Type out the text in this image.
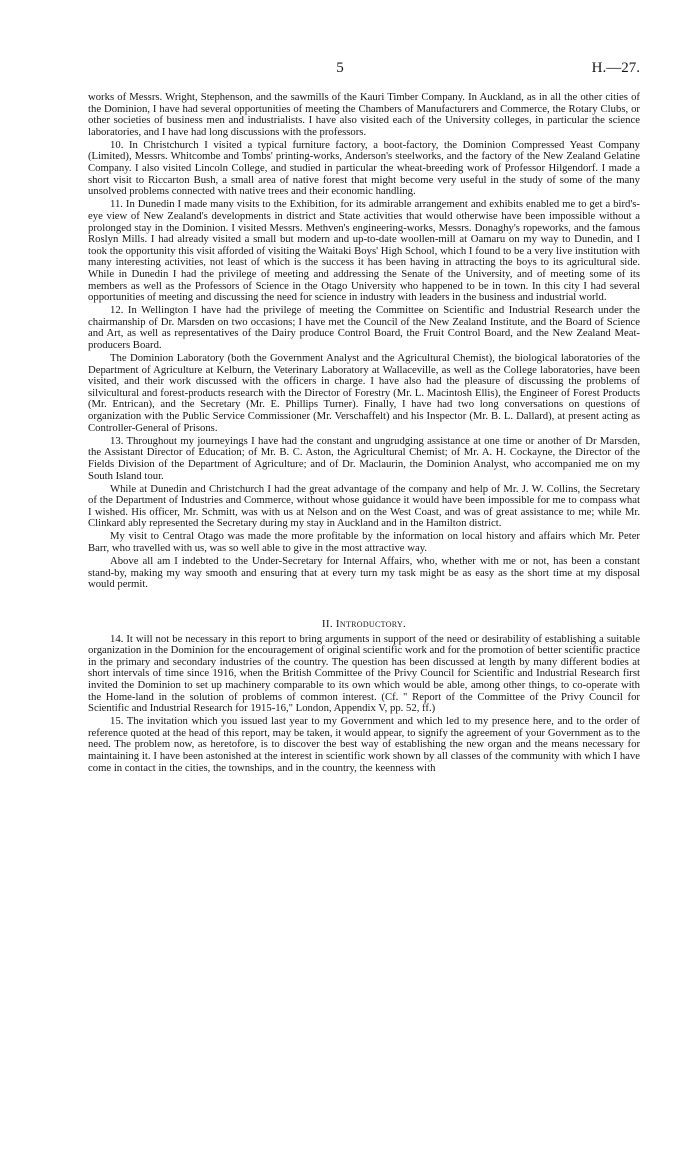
5	H.—27.

works of Messrs. Wright, Stephenson, and the sawmills of the Kauri Timber Company. In Auckland, as in all the other cities of the Dominion, I have had several opportunities of meeting the Chambers of Manufacturers and Commerce, the Rotary Clubs, or other societies of business men and industrialists. I have also visited each of the University colleges, in particular the science laboratories, and I have had long discussions with the professors.

10. In Christchurch I visited a typical furniture factory, a boot-factory, the Dominion Compressed Yeast Company (Limited), Messrs. Whitcombe and Tombs' printing-works, Anderson's steelworks, and the factory of the New Zealand Gelatine Company. I also visited Lincoln College, and studied in particular the wheat-breeding work of Professor Hilgendorf. I made a short visit to Riccarton Bush, a small area of native forest that might become very useful in the study of some of the many unsolved problems connected with native trees and their economic handling.

11. In Dunedin I made many visits to the Exhibition, for its admirable arrangement and exhibits enabled me to get a bird's-eye view of New Zealand's developments in district and State activities that would otherwise have been impossible without a prolonged stay in the Dominion. I visited Messrs. Methven's engineering-works, Messrs. Donaghy's ropeworks, and the famous Roslyn Mills. I had already visited a small but modern and up-to-date woollen-mill at Oamaru on my way to Dunedin, and I took the opportunity this visit afforded of visiting the Waitaki Boys' High School, which I found to be a very live institution with many interesting activities, not least of which is the success it has been having in attracting the boys to its agricultural side. While in Dunedin I had the privilege of meeting and addressing the Senate of the University, and of meeting some of its members as well as the Professors of Science in the Otago University who happened to be in town. In this city I had several opportunities of meeting and discussing the need for science in industry with leaders in the business and industrial world.

12. In Wellington I have had the privilege of meeting the Committee on Scientific and Industrial Research under the chairmanship of Dr. Marsden on two occasions; I have met the Council of the New Zealand Institute, and the Board of Science and Art, as well as representatives of the Dairy produce Control Board, the Fruit Control Board, and the New Zealand Meat-producers Board.

The Dominion Laboratory (both the Government Analyst and the Agricultural Chemist), the biological laboratories of the Department of Agriculture at Kelburn, the Veterinary Laboratory at Wallaceville, as well as the College laboratories, have been visited, and their work discussed with the officers in charge. I have also had the pleasure of discussing the problems of silvicultural and forest-products research with the Director of Forestry (Mr. L. Macintosh Ellis), the Engineer of Forest Products (Mr. Entrican), and the Secretary (Mr. E. Phillips Turner). Finally, I have had two long conversations on questions of organization with the Public Service Commissioner (Mr. Verschaffelt) and his Inspector (Mr. B. L. Dallard), at present acting as Controller-General of Prisons.

13. Throughout my journeyings I have had the constant and ungrudging assistance at one time or another of Dr Marsden, the Assistant Director of Education; of Mr. B. C. Aston, the Agricultural Chemist; of Mr. A. H. Cockayne, the Director of the Fields Division of the Department of Agriculture; and of Dr. Maclaurin, the Dominion Analyst, who accompanied me on my South Island tour.

While at Dunedin and Christchurch I had the great advantage of the company and help of Mr. J. W. Collins, the Secretary of the Department of Industries and Commerce, without whose guidance it would have been impossible for me to compass what I wished. His officer, Mr. Schmitt, was with us at Nelson and on the West Coast, and was of great assistance to me; while Mr. Clinkard ably represented the Secretary during my stay in Auckland and in the Hamilton district.

My visit to Central Otago was made the more profitable by the information on local history and affairs which Mr. Peter Barr, who travelled with us, was so well able to give in the most attractive way.

Above all am I indebted to the Under-Secretary for Internal Affairs, who, whether with me or not, has been a constant stand-by, making my way smooth and ensuring that at every turn my task might be as easy as the short time at my disposal would permit.

II. Introductory.

14. It will not be necessary in this report to bring arguments in support of the need or desirability of establishing a suitable organization in the Dominion for the encouragement of original scientific work and for the promotion of better scientific practice in the primary and secondary industries of the country. The question has been discussed at length by many different bodies at short intervals of time since 1916, when the British Committee of the Privy Council for Scientific and Industrial Research first invited the Dominion to set up machinery comparable to its own which would be able, among other things, to co-operate with the Home-land in the solution of problems of common interest. (Cf. " Report of the Committee of the Privy Council for Scientific and Industrial Research for 1915-16," London, Appendix V, pp. 52, ff.)

15. The invitation which you issued last year to my Government and which led to my presence here, and to the order of reference quoted at the head of this report, may be taken, it would appear, to signify the agreement of your Government as to the need. The problem now, as heretofore, is to discover the best way of establishing the new organ and the means necessary for maintaining it. I have been astonished at the interest in scientific work shown by all classes of the community with which I have come in contact in the cities, the townships, and in the country, the keenness with
